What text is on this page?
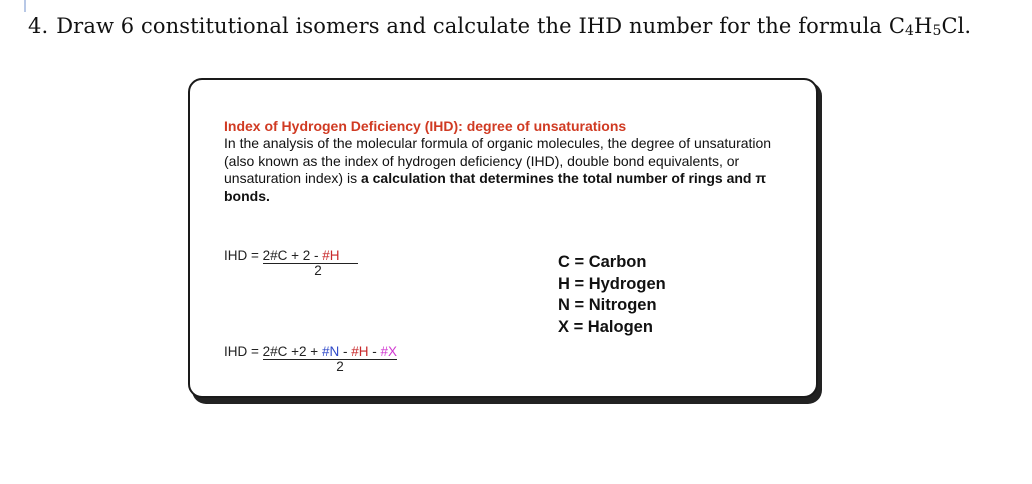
4. Draw 6 constitutional isomers and calculate the IHD number for the formula $C_4H_5Cl$.
Index of Hydrogen Deficiency (IHD): degree of unsaturations
In the analysis of the molecular formula of organic molecules, the degree of unsaturation (also known as the index of hydrogen deficiency (IHD), double bond equivalents, or unsaturation index) is a calculation that determines the total number of rings and π bonds.
IHD = 2#C + 2 - #H
2
IHD = 2#C +2 + #N - #H - #X
2
C = Carbon
H = Hydrogen
N = Nitrogen
X = Halogen
